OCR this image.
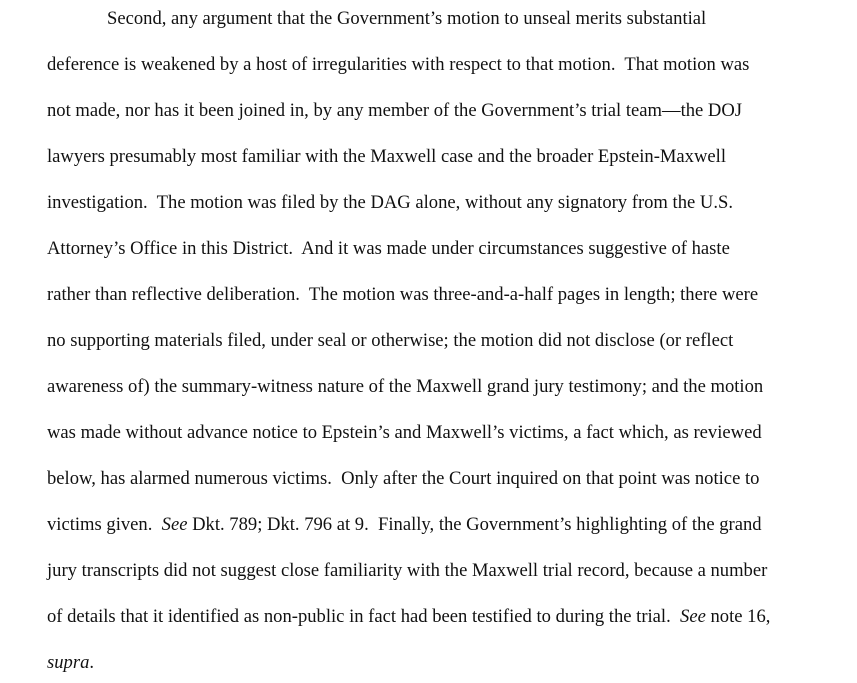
Second, any argument that the Government’s motion to unseal merits substantial
deference is weakened by a host of irregularities with respect to that motion.  That motion was
not made, nor has it been joined in, by any member of the Government’s trial team—the DOJ
lawyers presumably most familiar with the Maxwell case and the broader Epstein-Maxwell
investigation.  The motion was filed by the DAG alone, without any signatory from the U.S.
Attorney’s Office in this District.  And it was made under circumstances suggestive of haste
rather than reflective deliberation.  The motion was three-and-a-half pages in length; there were
no supporting materials filed, under seal or otherwise; the motion did not disclose (or reflect
awareness of) the summary-witness nature of the Maxwell grand jury testimony; and the motion
was made without advance notice to Epstein’s and Maxwell’s victims, a fact which, as reviewed
below, has alarmed numerous victims.  Only after the Court inquired on that point was notice to
victims given.  See Dkt. 789; Dkt. 796 at 9.  Finally, the Government’s highlighting of the grand
jury transcripts did not suggest close familiarity with the Maxwell trial record, because a number
of details that it identified as non-public in fact had been testified to during the trial.  See note 16,
supra.
